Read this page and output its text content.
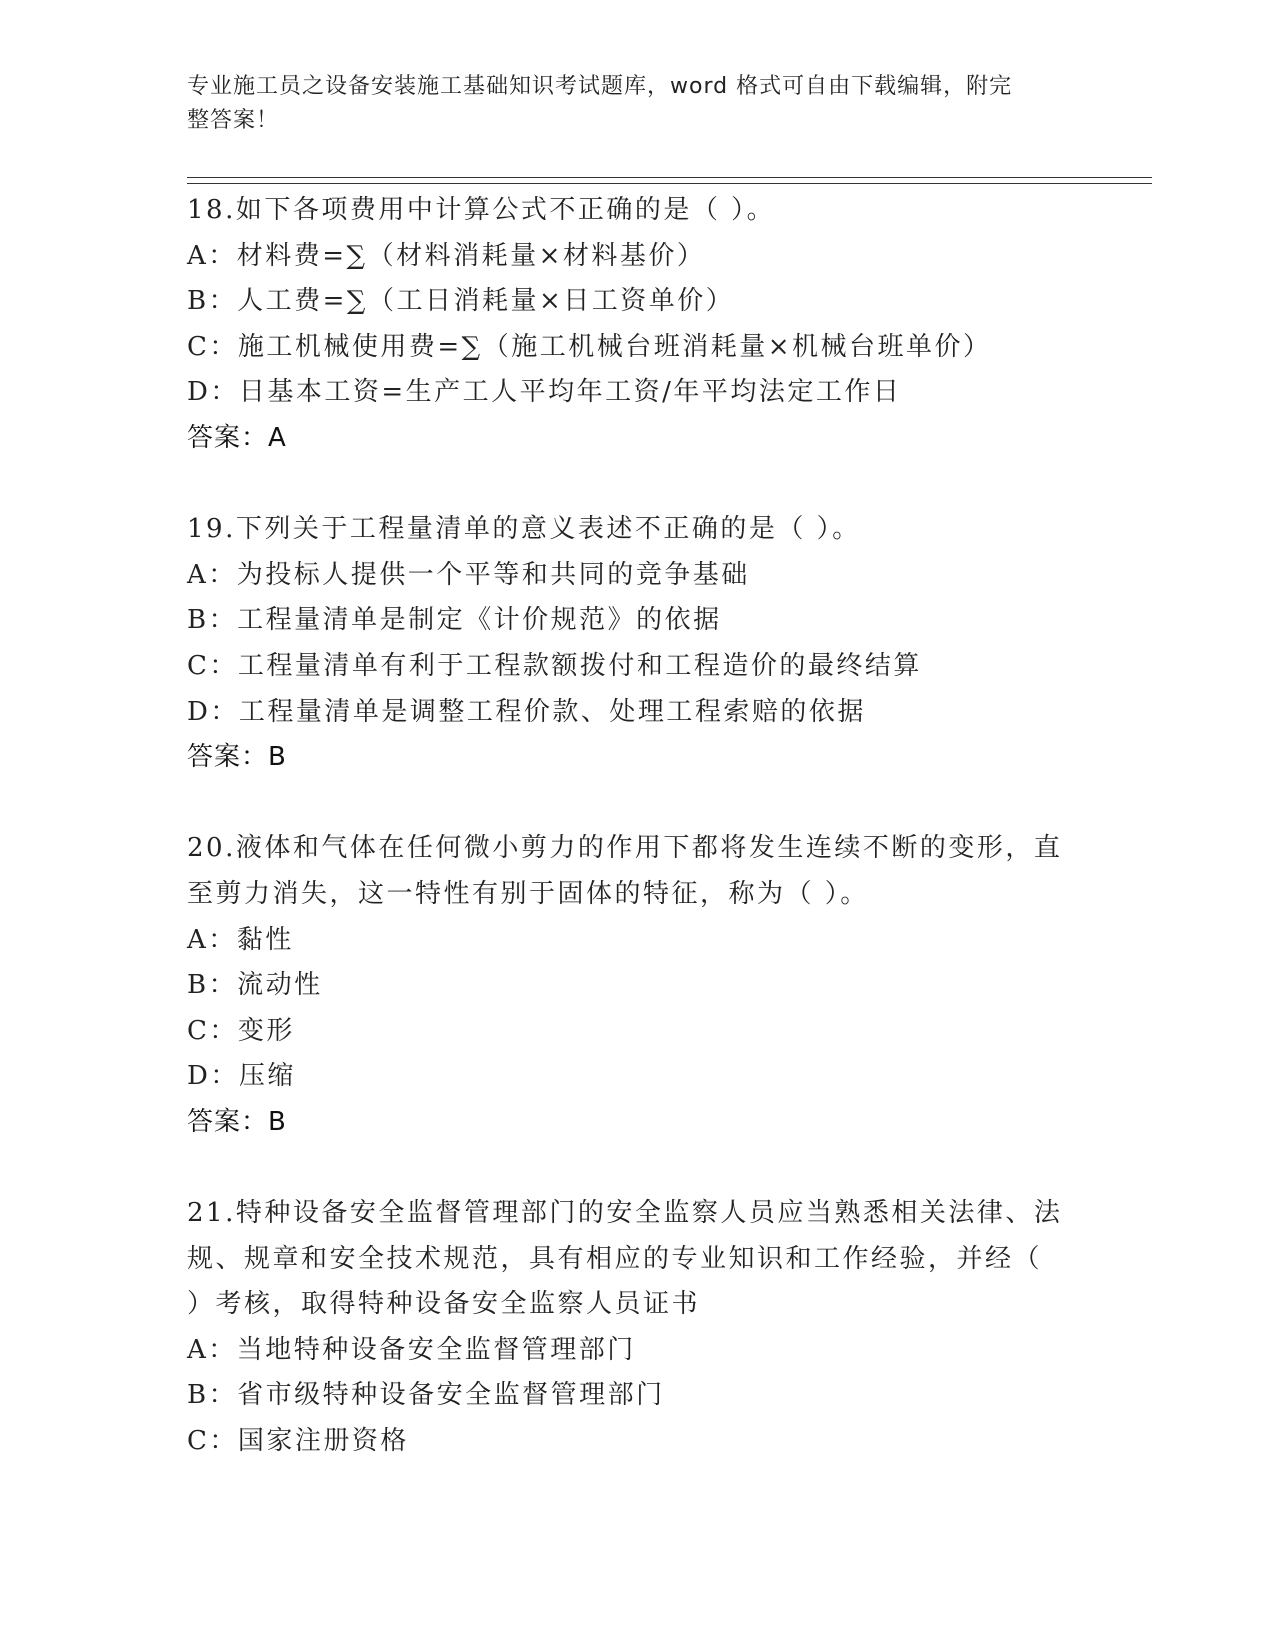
专业施工员之设备安装施工基础知识考试题库，word 格式可自由下载编辑，附完
整答案！
18.如下各项费用中计算公式不正确的是（ ）。
A：材料费=∑（材料消耗量×材料基价）
B：人工费=∑（工日消耗量×日工资单价）
C：施工机械使用费=∑（施工机械台班消耗量×机械台班单价）
D：日基本工资=生产工人平均年工资/年平均法定工作日
答案：A
19.下列关于工程量清单的意义表述不正确的是（ ）。
A：为投标人提供一个平等和共同的竞争基础
B：工程量清单是制定《计价规范》的依据
C：工程量清单有利于工程款额拨付和工程造价的最终结算
D：工程量清单是调整工程价款、处理工程索赔的依据
答案：B
20.液体和气体在任何微小剪力的作用下都将发生连续不断的变形，直
至剪力消失，这一特性有别于固体的特征，称为（ ）。
A：黏性
B：流动性
C：变形
D：压缩
答案：B
21.特种设备安全监督管理部门的安全监察人员应当熟悉相关法律、法
规、规章和安全技术规范，具有相应的专业知识和工作经验，并经（
）考核，取得特种设备安全监察人员证书
A：当地特种设备安全监督管理部门
B：省市级特种设备安全监督管理部门
C：国家注册资格
